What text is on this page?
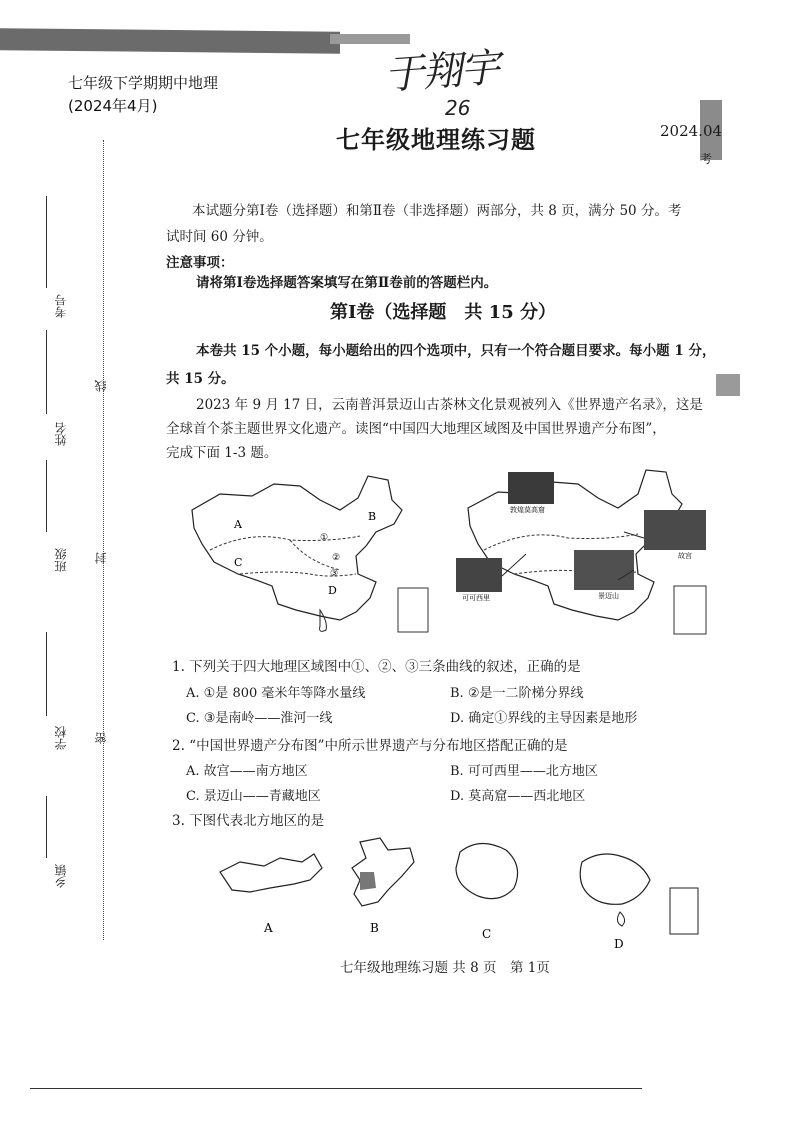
七年级下学期期中地理
(2024年4月)
于翔宇
26
七年级地理练习题	2024.04
本试题分第Ⅰ卷（选择题）和第Ⅱ卷（非选择题）两部分，共 8 页，满分 50 分。考
试时间 60 分钟。
注意事项：
请将第Ⅰ卷选择题答案填写在第Ⅱ卷前的答题栏内。
第Ⅰ卷（选择题　共 15 分）
本卷共 15 个小题，每小题给出的四个选项中，只有一个符合题目要求。每小题 1 分，
共 15 分。
2023 年 9 月 17 日，云南普洱景迈山古茶林文化景观被列入《世界遗产名录》，这是
全球首个茶主题世界文化遗产。读图“中国四大地理区域图及中国世界遗产分布图”，
完成下面 1-3 题。
A
B
C
D
①
②
③
敦煌莫高窟
故宫
景迈山
可可西里
1. 下列关于四大地理区域图中①、②、③三条曲线的叙述，正确的是
A. ①是 800 毫米年等降水量线	B. ②是一二阶梯分界线
C. ③是南岭——淮河一线	D. 确定①界线的主导因素是地形
2. “中国世界遗产分布图”中所示世界遗产与分布地区搭配正确的是
A. 故宫——南方地区	B. 可可西里——北方地区
C. 景迈山——青藏地区	D. 莫高窟——西北地区
3. 下图代表北方地区的是
A	B	C
D
七年级地理练习题 共 8 页　第 1页
考号
姓名
班级
学校
乡镇
线
封
密
考
